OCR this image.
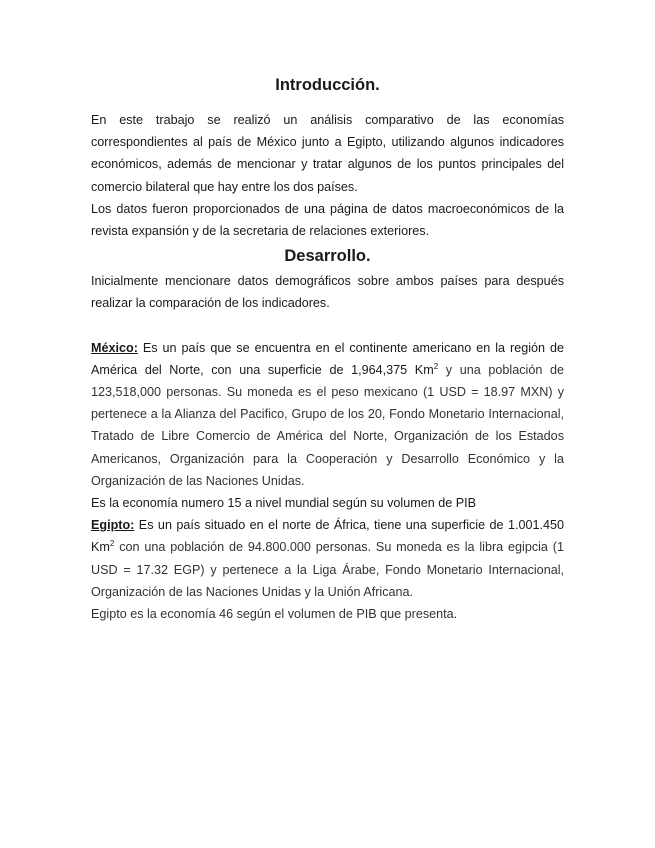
Introducción.

En este trabajo se realizó un análisis comparativo de las economías correspondientes al país de México junto a Egipto, utilizando algunos indicadores económicos, además de mencionar y tratar algunos de los puntos principales del comercio bilateral que hay entre los dos países.

Los datos fueron proporcionados de una página de datos macroeconómicos de la revista expansión y de la secretaria de relaciones exteriores.

Desarrollo.

Inicialmente mencionare datos demográficos sobre ambos países para después realizar la comparación de los indicadores.

México: Es un país que se encuentra en el continente americano en la región de América del Norte, con una superficie de 1,964,375 Km$^2$ y una población de 123,518,000 personas. Su moneda es el peso mexicano (1 USD = 18.97 MXN) y pertenece a la Alianza del Pacifico, Grupo de los 20, Fondo Monetario Internacional, Tratado de Libre Comercio de América del Norte, Organización de los Estados Americanos, Organización para la Cooperación y Desarrollo Económico y la Organización de las Naciones Unidas.

Es la economía numero 15 a nivel mundial según su volumen de PIB

Egipto: Es un país situado en el norte de África, tiene una superficie de 1.001.450 Km$^2$ con una población de 94.800.000 personas. Su moneda es la libra egipcia (1 USD = 17.32 EGP) y pertenece a la Liga Árabe, Fondo Monetario Internacional, Organización de las Naciones Unidas y la Unión Africana.

Egipto es la economía 46 según el volumen de PIB que presenta.
